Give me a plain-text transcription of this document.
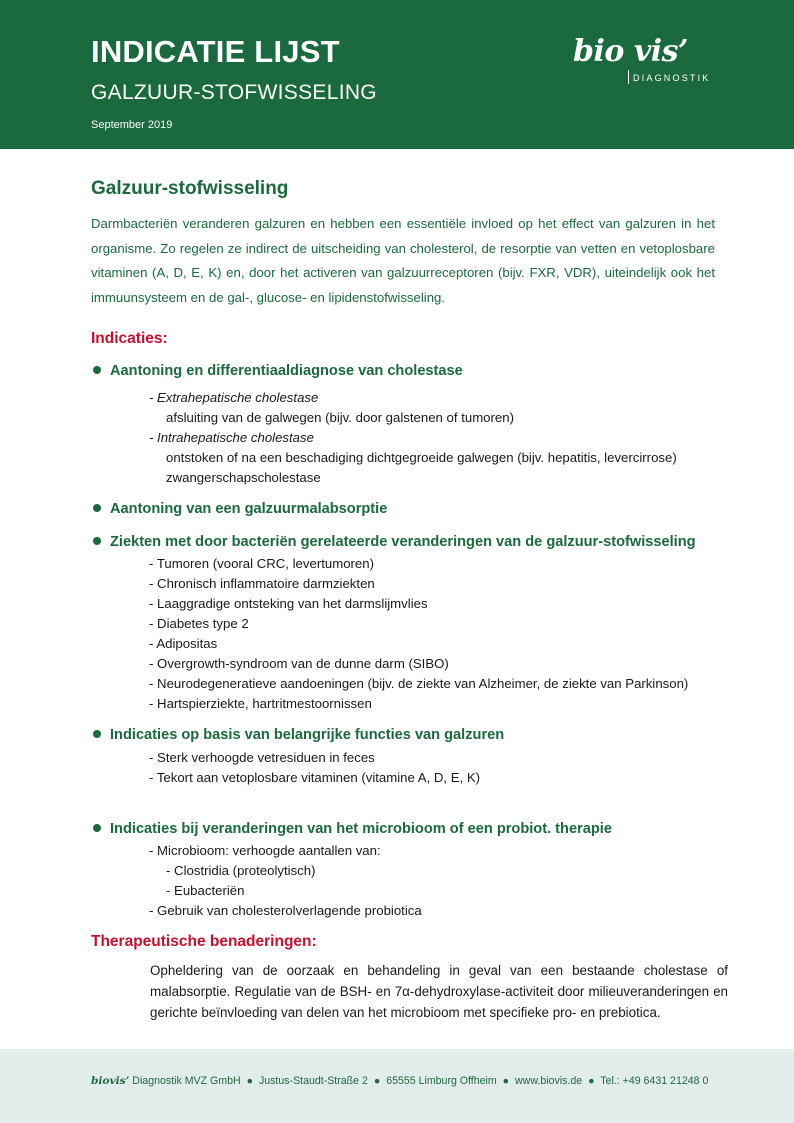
INDICATIE LIJST
GALZUUR-STOFWISSELING
September 2019
bio vis’
DIAGNOSTIK
Galzuur-stofwisseling
Darmbacteriën veranderen galzuren en hebben een essentiële invloed op het effect van galzuren in het organisme. Zo regelen ze indirect de uitscheiding van cholesterol, de resorptie van vetten en vetoplosbare vitaminen (A, D, E, K) en, door het activeren van galzuurreceptoren (bijv. FXR, VDR), uiteindelijk ook het immuunsysteem en de gal-, glucose- en lipidenstofwisseling.
Indicaties:
Aantoning en differentiaaldiagnose van cholestase
- Extrahepatische cholestase
afsluiting van de galwegen (bijv. door galstenen of tumoren)
- Intrahepatische cholestase
ontstoken of na een beschadiging dichtgegroeide galwegen (bijv. hepatitis, levercirrose)
zwangerschapscholestase
Aantoning van een galzuurmalabsorptie
Ziekten met door bacteriën gerelateerde veranderingen van de galzuur-stofwisseling
- Tumoren (vooral CRC, levertumoren)
- Chronisch inflammatoire darmziekten
- Laaggradige ontsteking van het darmslijmvlies
- Diabetes type 2
- Adipositas
- Overgrowth-syndroom van de dunne darm (SIBO)
- Neurodegeneratieve aandoeningen (bijv. de ziekte van Alzheimer, de ziekte van Parkinson)
- Hartspierziekte, hartritmestoornissen
Indicaties op basis van belangrijke functies van galzuren
- Sterk verhoogde vetresiduen in feces
- Tekort aan vetoplosbare vitaminen (vitamine A, D, E, K)
Indicaties bij veranderingen van het microbioom of een probiot. therapie
- Microbioom: verhoogde aantallen van:
- Clostridia (proteolytisch)
- Eubacteriën
- Gebruik van cholesterolverlagende probiotica
Therapeutische benaderingen:
Opheldering van de oorzaak en behandeling in geval van een bestaande cholestase of malabsorptie. Regulatie van de BSH- en 7α-dehydroxylase-activiteit door milieuveranderingen en gerichte beïnvloeding van delen van het microbioom met specifieke pro- en prebiotica.
biovis’ Diagnostik MVZ GmbH ● Justus-Staudt-Straße 2 ● 65555 Limburg Offheim ● www.biovis.de ● Tel.: +49 6431 21248 0
